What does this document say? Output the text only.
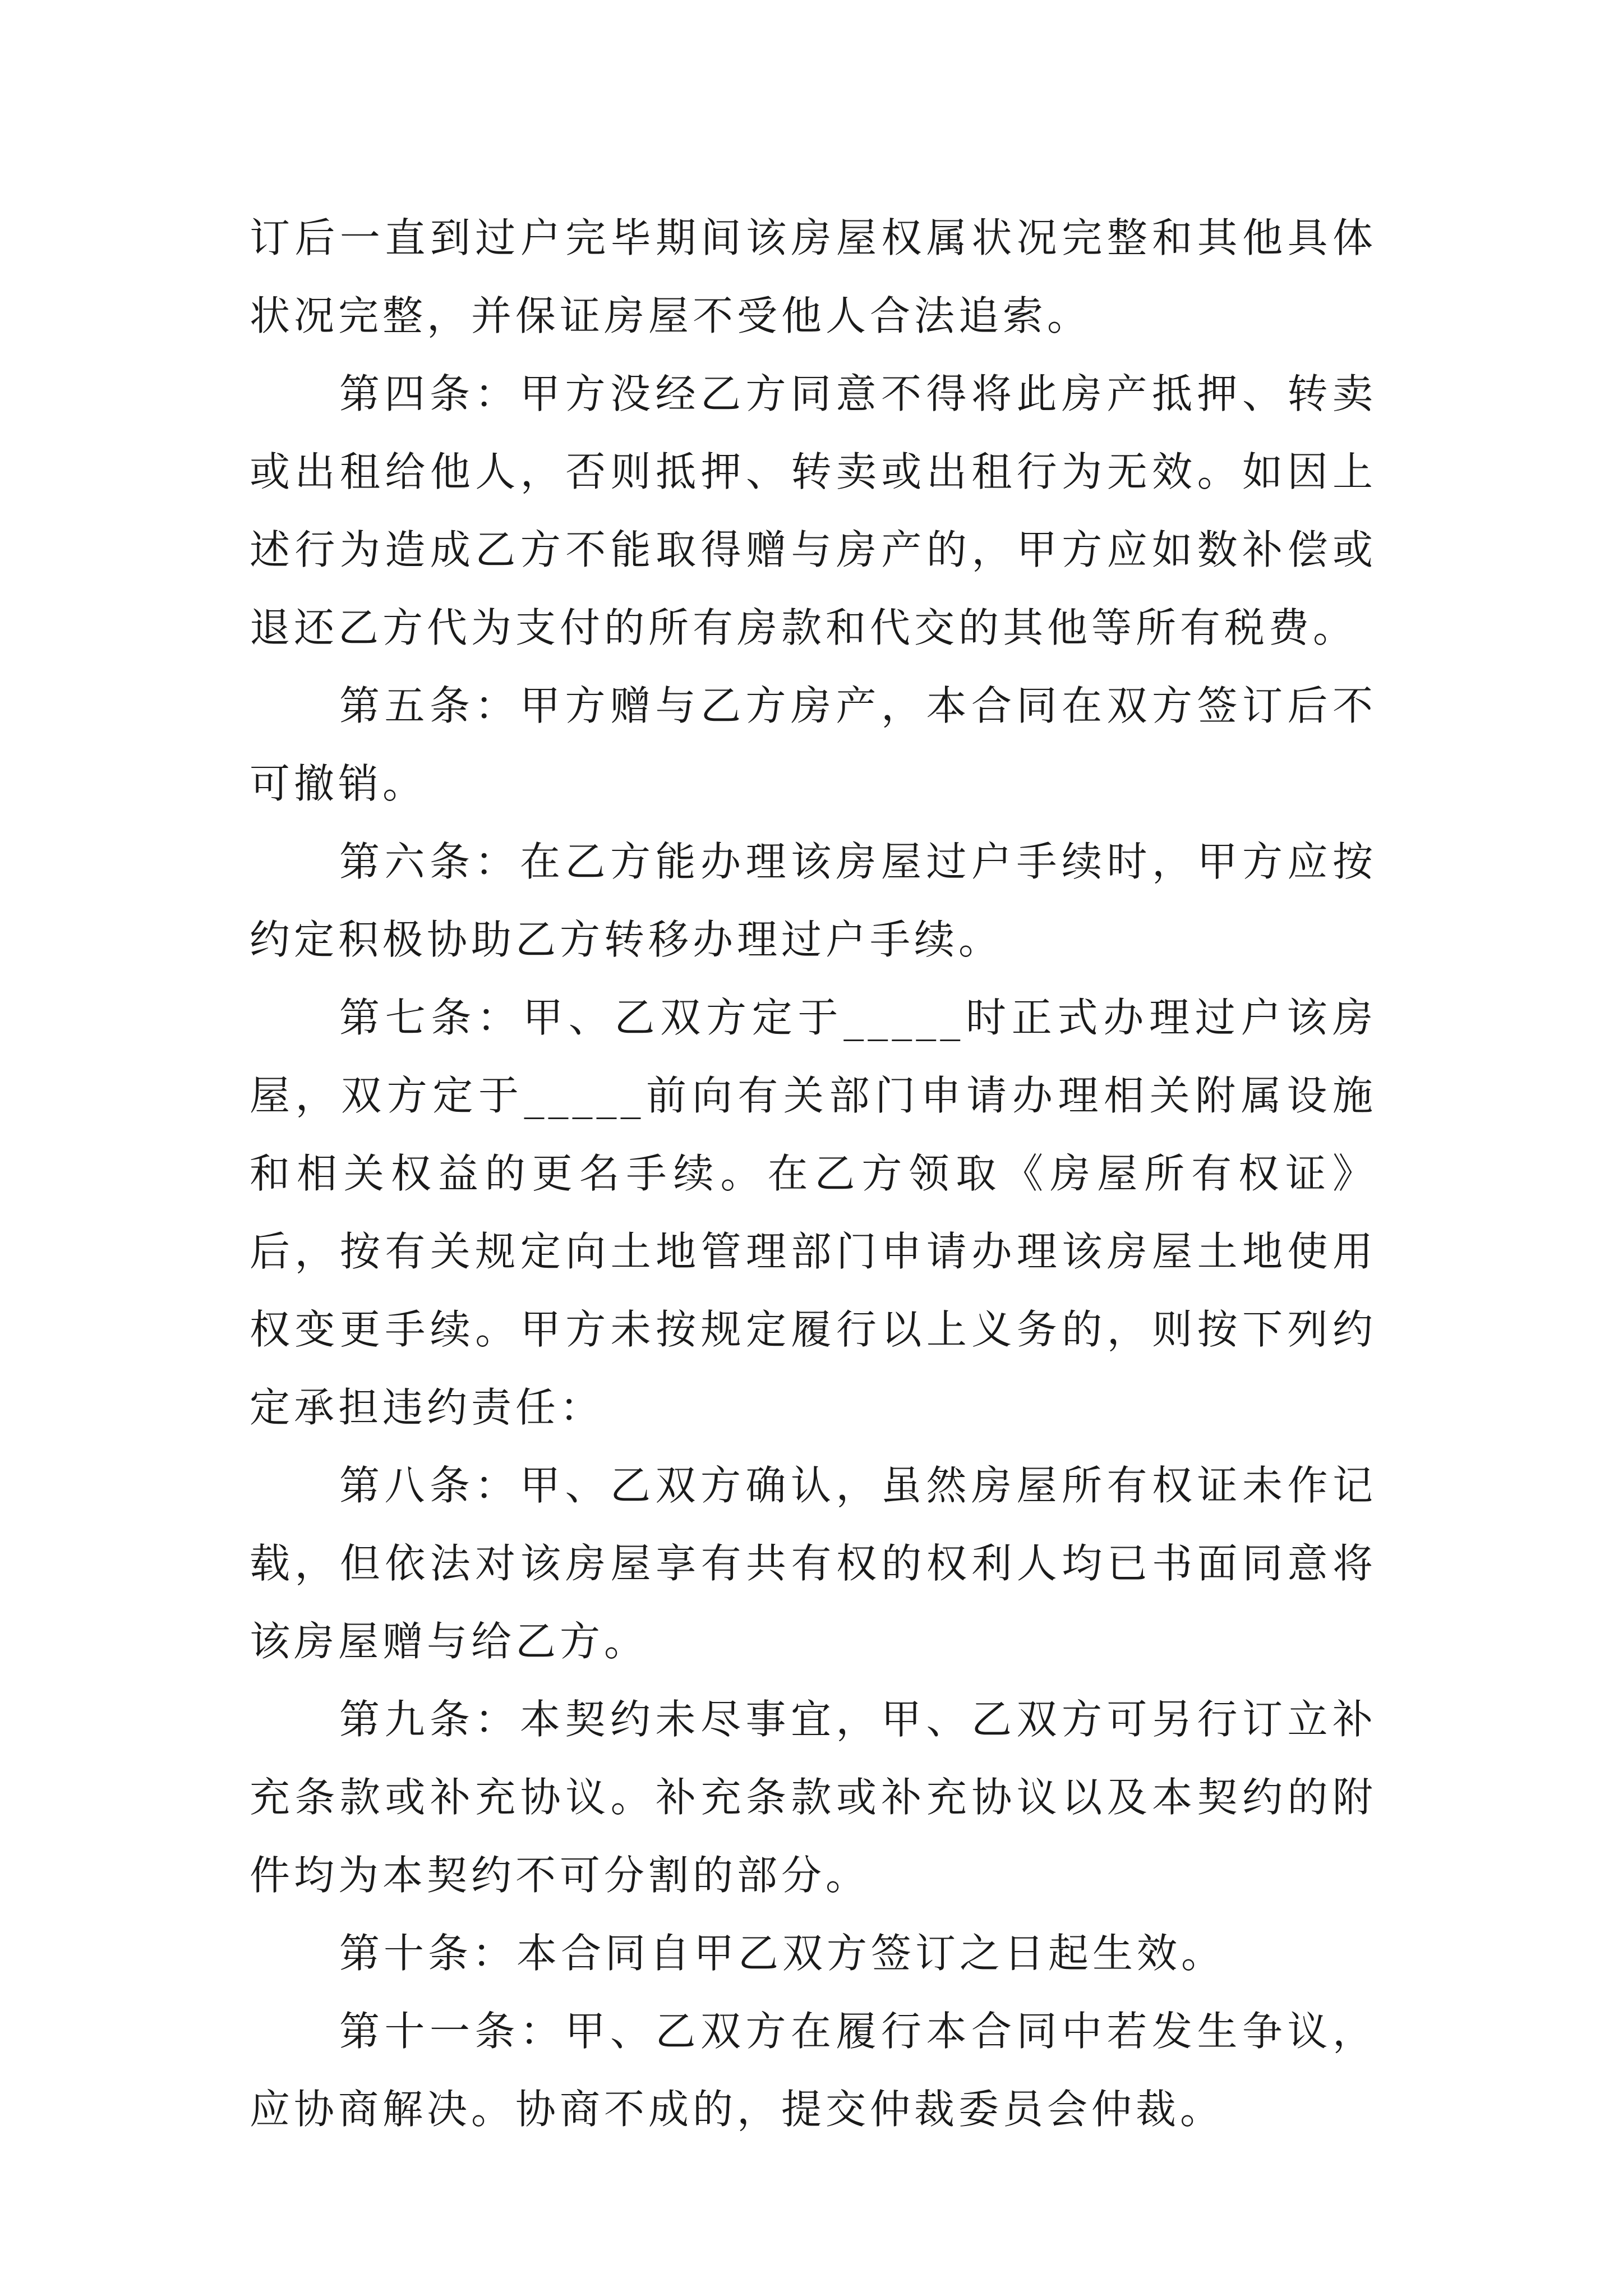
订后一直到过户完毕期间该房屋权属状况完整和其他具体状况完整，并保证房屋不受他人合法追索。

第四条：甲方没经乙方同意不得将此房产抵押、转卖或出租给他人，否则抵押、转卖或出租行为无效。如因上述行为造成乙方不能取得赠与房产的，甲方应如数补偿或退还乙方代为支付的所有房款和代交的其他等所有税费。

第五条：甲方赠与乙方房产，本合同在双方签订后不可撤销。

第六条：在乙方能办理该房屋过户手续时，甲方应按约定积极协助乙方转移办理过户手续。

第七条：甲、乙双方定于_____时正式办理过户该房屋，双方定于_____前向有关部门申请办理相关附属设施和相关权益的更名手续。在乙方领取《房屋所有权证》后，按有关规定向土地管理部门申请办理该房屋土地使用权变更手续。甲方未按规定履行以上义务的，则按下列约定承担违约责任：

第八条：甲、乙双方确认，虽然房屋所有权证未作记载，但依法对该房屋享有共有权的权利人均已书面同意将该房屋赠与给乙方。

第九条：本契约未尽事宜，甲、乙双方可另行订立补充条款或补充协议。补充条款或补充协议以及本契约的附件均为本契约不可分割的部分。

第十条：本合同自甲乙双方签订之日起生效。

第十一条：甲、乙双方在履行本合同中若发生争议，应协商解决。协商不成的，提交仲裁委员会仲裁。
